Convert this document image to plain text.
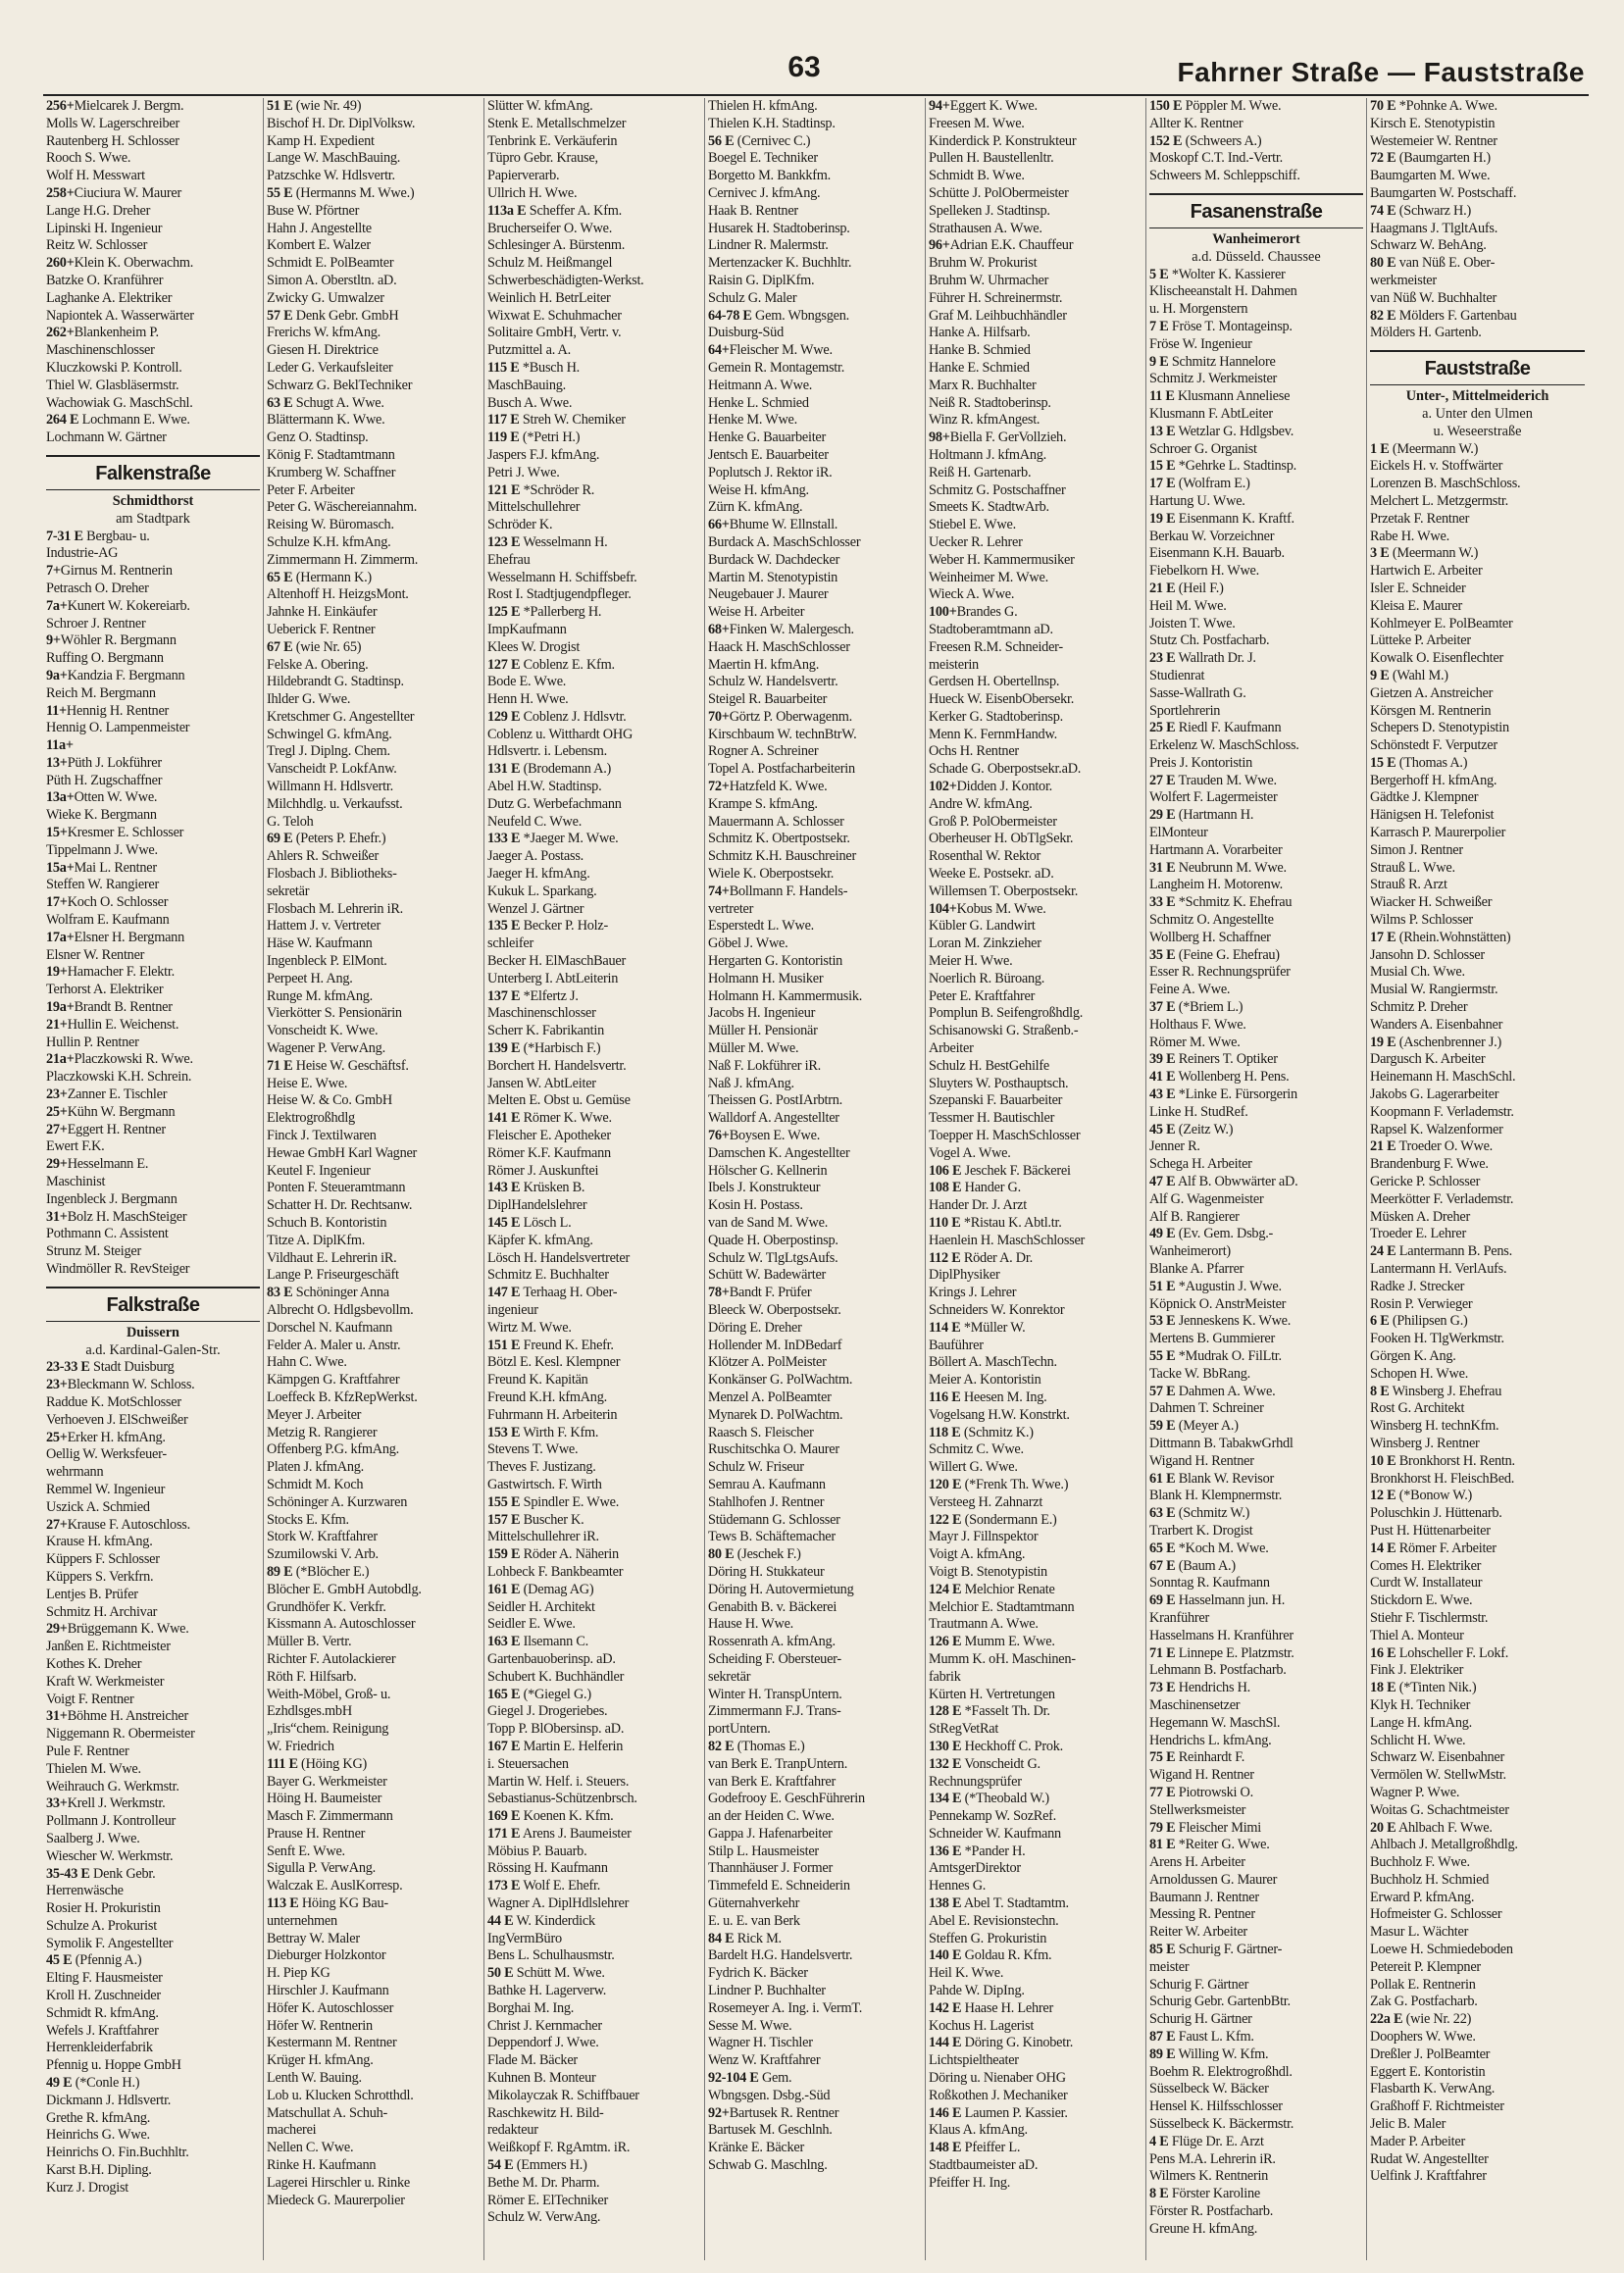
63	Fahrner Straße — Fauststraße
256+Mielcarek J. Bergm.
Molls W. Lagerschreiber
Rautenberg H. Schlosser
Rooch S. Wwe.
Wolf H. Messwart
258+Ciuciura W. Maurer
Lange H.G. Dreher
Lipinski H. Ingenieur
Reitz W. Schlosser
260+Klein K. Oberwachm.
Batzke O. Kranführer
Laghanke A. Elektriker
Napiontek A. Wasserwärter
262+Blankenheim P.
Maschinenschlosser
Kluczkowski P. Kontroll.
Thiel W. Glasbläsermstr.
Wachowiak G. MaschSchl.
264 E Lochmann E. Wwe.
Lochmann W. Gärtner
Falkenstraße
Schmidthorst
am Stadtpark
7-31 E Bergbau- u.
Industrie-AG
7+Girnus M. Rentnerin
Petrasch O. Dreher
7a+Kunert W. Kokereiarb.
Schroer J. Rentner
9+Wöhler R. Bergmann
Ruffing O. Bergmann
9a+Kandzia F. Bergmann
Reich M. Bergmann
11+Hennig H. Rentner
Hennig O. Lampenmeister
11a+
13+Püth J. Lokführer
Püth H. Zugschaffner
13a+Otten W. Wwe.
Wieke K. Bergmann
15+Kresmer E. Schlosser
Tippelmann J. Wwe.
15a+Mai L. Rentner
Steffen W. Rangierer
17+Koch O. Schlosser
Wolfram E. Kaufmann
17a+Elsner H. Bergmann
Elsner W. Rentner
19+Hamacher F. Elektr.
Terhorst A. Elektriker
19a+Brandt B. Rentner
21+Hullin E. Weichenst.
Hullin P. Rentner
21a+Placzkowski R. Wwe.
Placzkowski K.H. Schrein.
23+Zanner E. Tischler
25+Kühn W. Bergmann
27+Eggert H. Rentner
Ewert F.K.
29+Hesselmann E.
Maschinist
Ingenbleck J. Bergmann
31+Bolz H. MaschSteiger
Pothmann C. Assistent
Strunz M. Steiger
Windmöller R. RevSteiger
Falkstraße
Duissern
a.d. Kardinal-Galen-Str.
23-33 E Stadt Duisburg
23+Bleckmann W. Schloss.
Raddue K. MotSchlosser
Verhoeven J. ElSchweißer
25+Erker H. kfmAng.
Oellig W. Werksfeuer-
wehrmann
Remmel W. Ingenieur
Uszick A. Schmied
27+Krause F. Autoschloss.
Krause H. kfmAng.
Küppers F. Schlosser
Küppers S. Verkfrn.
Lentjes B. Prüfer
Schmitz H. Archivar
29+Brüggemann K. Wwe.
Janßen E. Richtmeister
Kothes K. Dreher
Kraft W. Werkmeister
Voigt F. Rentner
31+Böhme H. Anstreicher
Niggemann R. Obermeister
Pule F. Rentner
Thielen M. Wwe.
Weihrauch G. Werkmstr.
33+Krell J. Werkmstr.
Pollmann J. Kontrolleur
Saalberg J. Wwe.
Wiescher W. Werkmstr.
35-43 E Denk Gebr.
Herrenwäsche
Rosier H. Prokuristin
Schulze A. Prokurist
Symolik F. Angestellter
45 E (Pfennig A.)
Elting F. Hausmeister
Kroll H. Zuschneider
Schmidt R. kfmAng.
Wefels J. Kraftfahrer
Herrenkleiderfabrik
Pfennig u. Hoppe GmbH
49 E (*Conle H.)
Dickmann J. Hdlsvertr.
Grethe R. kfmAng.
Heinrichs G. Wwe.
Heinrichs O. Fin.Buchhltr.
Karst B.H. Dipling.
Kurz J. Drogist
51 E (wie Nr. 49)
Bischof H. Dr. DiplVolksw.
Kamp H. Expedient
Lange W. MaschBauing.
Patzschke W. Hdlsvertr.
55 E (Hermanns M. Wwe.)
Buse W. Pförtner
Hahn J. Angestellte
Kombert E. Walzer
Schmidt E. PolBeamter
Simon A. Oberstltn. aD.
Zwicky G. Umwalzer
57 E Denk Gebr. GmbH
Frerichs W. kfmAng.
Giesen H. Direktrice
Leder G. Verkaufsleiter
Schwarz G. BeklTechniker
63 E Schugt A. Wwe.
Blättermann K. Wwe.
Genz O. Stadtinsp.
König F. Stadtamtmann
Krumberg W. Schaffner
Peter F. Arbeiter
Peter G. Wäschereiannahm.
Reising W. Büromasch.
Schulze K.H. kfmAng.
Zimmermann H. Zimmerm.
65 E (Hermann K.)
Altenhoff H. HeizgsMont.
Jahnke H. Einkäufer
Ueberick F. Rentner
67 E (wie Nr. 65)
Felske A. Obering.
Hildebrandt G. Stadtinsp.
Ihlder G. Wwe.
Kretschmer G. Angestellter
Schwingel G. kfmAng.
Tregl J. Diplng. Chem.
Vanscheidt P. LokfAnw.
Willmann H. Hdlsvertr.
Milchhdlg. u. Verkaufsst.
G. Teloh
69 E (Peters P. Ehefr.)
Ahlers R. Schweißer
Flosbach J. Bibliotheks-
sekretär
Flosbach M. Lehrerin iR.
Hattem J. v. Vertreter
Häse W. Kaufmann
Ingenbleck P. ElMont.
Perpeet H. Ang.
Runge M. kfmAng.
Vierkötter S. Pensionärin
Vonscheidt K. Wwe.
Wagener P. VerwAng.
71 E Heise W. Geschäftsf.
Heise E. Wwe.
Heise W. & Co. GmbH
Elektrogroßhdlg
Finck J. Textilwaren
Hewae GmbH Karl Wagner
Keutel F. Ingenieur
Ponten F. Steueramtmann
Schatter H. Dr. Rechtsanw.
Schuch B. Kontoristin
Titze A. DiplKfm.
Vildhaut E. Lehrerin iR.
Lange P. Friseurgeschäft
83 E Schöninger Anna
Albrecht O. Hdlgsbevollm.
Dorschel N. Kaufmann
Felder A. Maler u. Anstr.
Hahn C. Wwe.
Kämpgen G. Kraftfahrer
Loeffeck B. KfzRepWerkst.
Meyer J. Arbeiter
Metzig R. Rangierer
Offenberg P.G. kfmAng.
Platen J. kfmAng.
Schmidt M. Koch
Schöninger A. Kurzwaren
Stocks E. Kfm.
Stork W. Kraftfahrer
Szumilowski V. Arb.
89 E (*Blöcher E.)
Blöcher E. GmbH Autobdlg.
Grundhöfer K. Verkfr.
Kissmann A. Autoschlosser
Müller B. Vertr.
Richter F. Autolackierer
Röth F. Hilfsarb.
Weith-Möbel, Groß- u.
Ezhdlsges.mbH
„Iris“chem. Reinigung
W. Friedrich
111 E (Höing KG)
Bayer G. Werkmeister
Höing H. Baumeister
Masch F. Zimmermann
Prause H. Rentner
Senft E. Wwe.
Sigulla P. VerwAng.
Walczak E. AuslKorresp.
113 E Höing KG Bau-
unternehmen
Bettray W. Maler
Dieburger Holzkontor
H. Piep KG
Hirschler J. Kaufmann
Höfer K. Autoschlosser
Höfer W. Rentnerin
Kestermann M. Rentner
Krüger H. kfmAng.
Lenth W. Bauing.
Lob u. Klucken Schrotthdl.
Matschullat A. Schuh-
macherei
Nellen C. Wwe.
Rinke H. Kaufmann
Lagerei Hirschler u. Rinke
Miedeck G. Maurerpolier
Slütter W. kfmAng.
Stenk E. Metallschmelzer
Tenbrink E. Verkäuferin
Tüpro Gebr. Krause,
Papierverarb.
Ullrich H. Wwe.
113a E Scheffer A. Kfm.
Brucherseifer O. Wwe.
Schlesinger A. Bürstenm.
Schulz M. Heißmangel
Schwerbeschädigten-Werkst.
Weinlich H. BetrLeiter
Wixwat E. Schuhmacher
Solitaire GmbH, Vertr. v.
Putzmittel a. A.
115 E *Busch H.
MaschBauing.
Busch A. Wwe.
117 E Streh W. Chemiker
119 E (*Petri H.)
Jaspers F.J. kfmAng.
Petri J. Wwe.
121 E *Schröder R.
Mittelschullehrer
Schröder K.
123 E Wesselmann H.
Ehefrau
Wesselmann H. Schiffsbefr.
Rost I. Stadtjugendpfleger.
125 E *Pallerberg H.
ImpKaufmann
Klees W. Drogist
127 E Coblenz E. Kfm.
Bode E. Wwe.
Henn H. Wwe.
129 E Coblenz J. Hdlsvtr.
Coblenz u. Witthardt OHG
Hdlsvertr. i. Lebensm.
131 E (Brodemann A.)
Abel H.W. Stadtinsp.
Dutz G. Werbefachmann
Neufeld C. Wwe.
133 E *Jaeger M. Wwe.
Jaeger A. Postass.
Jaeger H. kfmAng.
Kukuk L. Sparkang.
Wenzel J. Gärtner
135 E Becker P. Holz-
schleifer
Becker H. ElMaschBauer
Unterberg I. AbtLeiterin
137 E *Elfertz J.
Maschinenschlosser
Scherr K. Fabrikantin
139 E (*Harbisch F.)
Borchert H. Handelsvertr.
Jansen W. AbtLeiter
Melten E. Obst u. Gemüse
141 E Römer K. Wwe.
Fleischer E. Apotheker
Römer K.F. Kaufmann
Römer J. Auskunftei
143 E Krüsken B.
DiplHandelslehrer
145 E Lösch L.
Käpfer K. kfmAng.
Lösch H. Handelsvertreter
Schmitz E. Buchhalter
147 E Terhaag H. Ober-
ingenieur
Wirtz M. Wwe.
151 E Freund K. Ehefr.
Bötzl E. Kesl. Klempner
Freund K. Kapitän
Freund K.H. kfmAng.
Fuhrmann H. Arbeiterin
153 E Wirth F. Kfm.
Stevens T. Wwe.
Theves F. Justizang.
Gastwirtsch. F. Wirth
155 E Spindler E. Wwe.
157 E Buscher K.
Mittelschullehrer iR.
159 E Röder A. Näherin
Lohbeck F. Bankbeamter
161 E (Demag AG)
Seidler H. Architekt
Seidler E. Wwe.
163 E Ilsemann C.
Gartenbauoberinsp. aD.
Schubert K. Buchhändler
165 E (*Giegel G.)
Giegel J. Drogeriebes.
Topp P. BlObersinsp. aD.
167 E Martin E. Helferin
i. Steuersachen
Martin W. Helf. i. Steuers.
Sebastianus-Schützenbrsch.
169 E Koenen K. Kfm.
171 E Arens J. Baumeister
Möbius P. Bauarb.
Rössing H. Kaufmann
173 E Wolf E. Ehefr.
Wagner A. DiplHdlslehrer
44 E W. Kinderdick
IngVermBüro
Bens L. Schulhausmstr.
50 E Schütt M. Wwe.
Bathke H. Lagerverw.
Borghai M. Ing.
Christ J. Kernmacher
Deppendorf J. Wwe.
Flade M. Bäcker
Kuhnen B. Monteur
Mikolayczak R. Schiffbauer
Raschkewitz H. Bild-
redakteur
Weißkopf F. RgAmtm. iR.
54 E (Emmers H.)
Bethe M. Dr. Pharm.
Römer E. ElTechniker
Schulz W. VerwAng.
Thielen H. kfmAng.
Thielen K.H. Stadtinsp.
56 E (Cernivec C.)
Boegel E. Techniker
Borgetto M. Bankkfm.
Cernivec J. kfmAng.
Haak B. Rentner
Husarek H. Stadtoberinsp.
Lindner R. Malermstr.
Mertenzacker K. Buchhltr.
Raisin G. DiplKfm.
Schulz G. Maler
64-78 E Gem. Wbngsgen.
Duisburg-Süd
64+Fleischer M. Wwe.
Gemein R. Montagemstr.
Heitmann A. Wwe.
Henke L. Schmied
Henke M. Wwe.
Henke G. Bauarbeiter
Jentsch E. Bauarbeiter
Poplutsch J. Rektor iR.
Weise H. kfmAng.
Zürn K. kfmAng.
66+Bhume W. Ellnstall.
Burdack A. MaschSchlosser
Burdack W. Dachdecker
Martin M. Stenotypistin
Neugebauer J. Maurer
Weise H. Arbeiter
68+Finken W. Malergesch.
Haack H. MaschSchlosser
Maertin H. kfmAng.
Schulz W. Handelsvertr.
Steigel R. Bauarbeiter
70+Görtz P. Oberwagenm.
Kirschbaum W. technBtrW.
Rogner A. Schreiner
Topel A. Postfacharbeiterin
72+Hatzfeld K. Wwe.
Krampe S. kfmAng.
Mauermann A. Schlosser
Schmitz K. Obertpostsekr.
Schmitz K.H. Bauschreiner
Wiele K. Oberpostsekr.
74+Bollmann F. Handels-
vertreter
Esperstedt L. Wwe.
Göbel J. Wwe.
Hergarten G. Kontoristin
Holmann H. Musiker
Holmann H. Kammermusik.
Jacobs H. Ingenieur
Müller H. Pensionär
Müller M. Wwe.
Naß F. Lokführer iR.
Naß J. kfmAng.
Theissen G. PostIArbtrn.
Walldorf A. Angestellter
76+Boysen E. Wwe.
Damschen K. Angestellter
Hölscher G. Kellnerin
Ibels J. Konstrukteur
Kosin H. Postass.
van de Sand M. Wwe.
Quade H. Oberpostinsp.
Schulz W. TlgLtgsAufs.
Schütt W. Badewärter
78+Bandt F. Prüfer
Bleeck W. Oberpostsekr.
Döring E. Dreher
Hollender M. InDBedarf
Klötzer A. PolMeister
Konkänser G. PolWachtm.
Menzel A. PolBeamter
Mynarek D. PolWachtm.
Raasch S. Fleischer
Ruschitschka O. Maurer
Schulz W. Friseur
Semrau A. Kaufmann
Stahlhofen J. Rentner
Stüdemann G. Schlosser
Tews B. Schäftemacher
80 E (Jeschek F.)
Döring H. Stukkateur
Döring H. Autovermietung
Genabith B. v. Bäckerei
Hause H. Wwe.
Rossenrath A. kfmAng.
Scheiding F. Obersteuer-
sekretär
Winter H. TranspUntern.
Zimmermann F.J. Trans-
portUntern.
82 E (Thomas E.)
van Berk E. TranpUntern.
van Berk E. Kraftfahrer
Godefrooy E. GeschFührerin
an der Heiden C. Wwe.
Gappa J. Hafenarbeiter
Stilp L. Hausmeister
Thannhäuser J. Former
Timmefeld E. Schneiderin
Güternahverkehr
E. u. E. van Berk
84 E Rick M.
Bardelt H.G. Handelsvertr.
Fydrich K. Bäcker
Lindner P. Buchhalter
Rosemeyer A. Ing. i. VermT.
Sesse M. Wwe.
Wagner H. Tischler
Wenz W. Kraftfahrer
92-104 E Gem.
Wbngsgen. Dsbg.-Süd
92+Bartusek R. Rentner
Bartusek M. Geschlnh.
Kränke E. Bäcker
Schwab G. Maschlng.
94+Eggert K. Wwe.
Freesen M. Wwe.
Kinderdick P. Konstrukteur
Pullen H. Baustellenltr.
Schmidt B. Wwe.
Schütte J. PolObermeister
Spelleken J. Stadtinsp.
Strathausen A. Wwe.
96+Adrian E.K. Chauffeur
Bruhm W. Prokurist
Bruhm W. Uhrmacher
Führer H. Schreinermstr.
Graf M. Leihbuchhändler
Hanke A. Hilfsarb.
Hanke B. Schmied
Hanke E. Schmied
Marx R. Buchhalter
Neiß R. Stadtoberinsp.
Winz R. kfmAngest.
98+Biella F. GerVollzieh.
Holtmann J. kfmAng.
Reiß H. Gartenarb.
Schmitz G. Postschaffner
Smeets K. StadtwArb.
Stiebel E. Wwe.
Uecker R. Lehrer
Weber H. Kammermusiker
Weinheimer M. Wwe.
Wieck A. Wwe.
100+Brandes G.
Stadtoberamtmann aD.
Freesen R.M. Schneider-
meisterin
Gerdsen H. Obertellnsp.
Hueck W. EisenbObersekr.
Kerker G. Stadtoberinsp.
Menn K. FernmHandw.
Ochs H. Rentner
Schade G. Oberpostsekr.aD.
102+Didden J. Kontor.
Andre W. kfmAng.
Groß P. PolObermeister
Oberheuser H. ObTlgSekr.
Rosenthal W. Rektor
Weeke E. Postsekr. aD.
Willemsen T. Oberpostsekr.
104+Kobus M. Wwe.
Kübler G. Landwirt
Loran M. Zinkzieher
Meier H. Wwe.
Noerlich R. Büroang.
Peter E. Kraftfahrer
Pomplun B. Seifengroßhdlg.
Schisanowski G. Straßenb.-
Arbeiter
Schulz H. BestGehilfe
Sluyters W. Posthauptsch.
Szepanski F. Bauarbeiter
Tessmer H. Bautischler
Toepper H. MaschSchlosser
Vogel A. Wwe.
106 E Jeschek F. Bäckerei
108 E Hander G.
Hander Dr. J. Arzt
110 E *Ristau K. Abtl.tr.
Haenlein H. MaschSchlosser
112 E Röder A. Dr.
DiplPhysiker
Krings J. Lehrer
Schneiders W. Konrektor
114 E *Müller W.
Bauführer
Böllert A. MaschTechn.
Meier A. Kontoristin
116 E Heesen M. Ing.
Vogelsang H.W. Konstrkt.
118 E (Schmitz K.)
Schmitz C. Wwe.
Willert G. Wwe.
120 E (*Frenk Th. Wwe.)
Versteeg H. Zahnarzt
122 E (Sondermann E.)
Mayr J. Fillnspektor
Voigt A. kfmAng.
Voigt B. Stenotypistin
124 E Melchior Renate
Melchior E. Stadtamtmann
Trautmann A. Wwe.
126 E Mumm E. Wwe.
Mumm K. oH. Maschinen-
fabrik
Kürten H. Vertretungen
128 E *Fasselt Th. Dr.
StRegVetRat
130 E Heckhoff C. Prok.
132 E Vonscheidt G.
Rechnungsprüfer
134 E (*Theobald W.)
Pennekamp W. SozRef.
Schneider W. Kaufmann
136 E *Pander H.
AmtsgerDirektor
Hennes G.
138 E Abel T. Stadtamtm.
Abel E. Revisionstechn.
Steffen G. Prokuristin
140 E Goldau R. Kfm.
Heil K. Wwe.
Pahde W. DipIng.
142 E Haase H. Lehrer
Kochus H. Lagerist
144 E Döring G. Kinobetr.
Lichtspieltheater
Döring u. Nienaber OHG
Roßkothen J. Mechaniker
146 E Laumen P. Kassier.
Klaus A. kfmAng.
148 E Pfeiffer L.
Stadtbaumeister aD.
Pfeiffer H. Ing.
150 E Pöppler M. Wwe.
Allter K. Rentner
152 E (Schweers A.)
Moskopf C.T. Ind.-Vertr.
Schweers M. Schleppschiff.
Fasanenstraße
Wanheimerort
a.d. Düsseld. Chaussee
5 E *Wolter K. Kassierer
Klischeeanstalt H. Dahmen
u. H. Morgenstern
7 E Fröse T. Montageinsp.
Fröse W. Ingenieur
9 E Schmitz Hannelore
Schmitz J. Werkmeister
11 E Klusmann Anneliese
Klusmann F. AbtLeiter
13 E Wetzlar G. Hdlgsbev.
Schroer G. Organist
15 E *Gehrke L. Stadtinsp.
17 E (Wolfram E.)
Hartung U. Wwe.
19 E Eisenmann K. Kraftf.
Berkau W. Vorzeichner
Eisenmann K.H. Bauarb.
Fiebelkorn H. Wwe.
21 E (Heil F.)
Heil M. Wwe.
Joisten T. Wwe.
Stutz Ch. Postfacharb.
23 E Wallrath Dr. J.
Studienrat
Sasse-Wallrath G.
Sportlehrerin
25 E Riedl F. Kaufmann
Erkelenz W. MaschSchloss.
Preis J. Kontoristin
27 E Trauden M. Wwe.
Wolfert F. Lagermeister
29 E (Hartmann H.
ElMonteur
Hartmann A. Vorarbeiter
31 E Neubrunn M. Wwe.
Langheim H. Motorenw.
33 E *Schmitz K. Ehefrau
Schmitz O. Angestellte
Wollberg H. Schaffner
35 E (Feine G. Ehefrau)
Esser R. Rechnungsprüfer
Feine A. Wwe.
37 E (*Briem L.)
Holthaus F. Wwe.
Römer M. Wwe.
39 E Reiners T. Optiker
41 E Wollenberg H. Pens.
43 E *Linke E. Fürsorgerin
Linke H. StudRef.
45 E (Zeitz W.)
Jenner R.
Schega H. Arbeiter
47 E Alf B. Obwwärter aD.
Alf G. Wagenmeister
Alf B. Rangierer
49 E (Ev. Gem. Dsbg.-
Wanheimerort)
Blanke A. Pfarrer
51 E *Augustin J. Wwe.
Köpnick O. AnstrMeister
53 E Jenneskens K. Wwe.
Mertens B. Gummierer
55 E *Mudrak O. FilLtr.
Tacke W. BbRang.
57 E Dahmen A. Wwe.
Dahmen T. Schreiner
59 E (Meyer A.)
Dittmann B. TabakwGrhdl
Wigand H. Rentner
61 E Blank W. Revisor
Blank H. Klempnermstr.
63 E (Schmitz W.)
Trarbert K. Drogist
65 E *Koch M. Wwe.
67 E (Baum A.)
Sonntag R. Kaufmann
69 E Hasselmann jun. H.
Kranführer
Hasselmans H. Kranführer
71 E Linnepe E. Platzmstr.
Lehmann B. Postfacharb.
73 E Hendrichs H.
Maschinensetzer
Hegemann W. MaschSl.
Hendrichs L. kfmAng.
75 E Reinhardt F.
Wigand H. Rentner
77 E Piotrowski O.
Stellwerksmeister
79 E Fleischer Mimi
81 E *Reiter G. Wwe.
Arens H. Arbeiter
Arnoldussen G. Maurer
Baumann J. Rentner
Messing R. Pentner
Reiter W. Arbeiter
85 E Schurig F. Gärtner-
meister
Schurig F. Gärtner
Schurig Gebr. GartenbBtr.
Schurig H. Gärtner
87 E Faust L. Kfm.
89 E Willing W. Kfm.
Boehm R. Elektrogroßhdl.
Süsselbeck W. Bäcker
Hensel K. Hilfsschlosser
Süsselbeck K. Bäckermstr.
4 E Flüge Dr. E. Arzt
Pens M.A. Lehrerin iR.
Wilmers K. Rentnerin
8 E Förster Karoline
Förster R. Postfacharb.
Greune H. kfmAng.
70 E *Pohnke A. Wwe.
Kirsch E. Stenotypistin
Westemeier W. Rentner
72 E (Baumgarten H.)
Baumgarten M. Wwe.
Baumgarten W. Postschaff.
74 E (Schwarz H.)
Haagmans J. TlgltAufs.
Schwarz W. BehAng.
80 E van Nüß E. Ober-
werkmeister
van Nüß W. Buchhalter
82 E Mölders F. Gartenbau
Mölders H. Gartenb.
Fauststraße
Unter-, Mittelmeiderich
a. Unter den Ulmen
u. Weseerstraße
1 E (Meermann W.)
Eickels H. v. Stoffwärter
Lorenzen B. MaschSchloss.
Melchert L. Metzgermstr.
Przetak F. Rentner
Rabe H. Wwe.
3 E (Meermann W.)
Hartwich E. Arbeiter
Isler E. Schneider
Kleisa E. Maurer
Kohlmeyer E. PolBeamter
Lütteke P. Arbeiter
Kowalk O. Eisenflechter
9 E (Wahl M.)
Gietzen A. Anstreicher
Körsgen M. Rentnerin
Schepers D. Stenotypistin
Schönstedt F. Verputzer
15 E (Thomas A.)
Bergerhoff H. kfmAng.
Gädtke J. Klempner
Hänigsen H. Telefonist
Karrasch P. Maurerpolier
Simon J. Rentner
Strauß L. Wwe.
Strauß R. Arzt
Wiacker H. Schweißer
Wilms P. Schlosser
17 E (Rhein.Wohnstätten)
Jansohn D. Schlosser
Musial Ch. Wwe.
Musial W. Rangiermstr.
Schmitz P. Dreher
Wanders A. Eisenbahner
19 E (Aschenbrenner J.)
Dargusch K. Arbeiter
Heinemann H. MaschSchl.
Jakobs G. Lagerarbeiter
Koopmann F. Verlademstr.
Rapsel K. Walzenformer
21 E Troeder O. Wwe.
Brandenburg F. Wwe.
Gericke P. Schlosser
Meerkötter F. Verlademstr.
Müsken A. Dreher
Troeder E. Lehrer
24 E Lantermann B. Pens.
Lantermann H. VerlAufs.
Radke J. Strecker
Rosin P. Verwieger
6 E (Philipsen G.)
Fooken H. TlgWerkmstr.
Görgen K. Ang.
Schopen H. Wwe.
8 E Winsberg J. Ehefrau
Rost G. Architekt
Winsberg H. technKfm.
Winsberg J. Rentner
10 E Bronkhorst H. Rentn.
Bronkhorst H. FleischBed.
12 E (*Bonow W.)
Poluschkin J. Hüttenarb.
Pust H. Hüttenarbeiter
14 E Römer F. Arbeiter
Comes H. Elektriker
Curdt W. Installateur
Stickdorn E. Wwe.
Stiehr F. Tischlermstr.
Thiel A. Monteur
16 E Lohscheller F. Lokf.
Fink J. Elektriker
18 E (*Tinten Nik.)
Klyk H. Techniker
Lange H. kfmAng.
Schlicht H. Wwe.
Schwarz W. Eisenbahner
Vermölen W. StellwMstr.
Wagner P. Wwe.
Woitas G. Schachtmeister
20 E Ahlbach F. Wwe.
Ahlbach J. Metallgroßhdlg.
Buchholz F. Wwe.
Buchholz H. Schmied
Erward P. kfmAng.
Hofmeister G. Schlosser
Masur L. Wächter
Loewe H. Schmiedeboden
Petereit P. Klempner
Pollak E. Rentnerin
Zak G. Postfacharb.
22a E (wie Nr. 22)
Doophers W. Wwe.
Dreßler J. PolBeamter
Eggert E. Kontoristin
Flasbarth K. VerwAng.
Graßhoff F. Richtmeister
Jelic B. Maler
Mader P. Arbeiter
Rudat W. Angestellter
Uelfink J. Kraftfahrer
